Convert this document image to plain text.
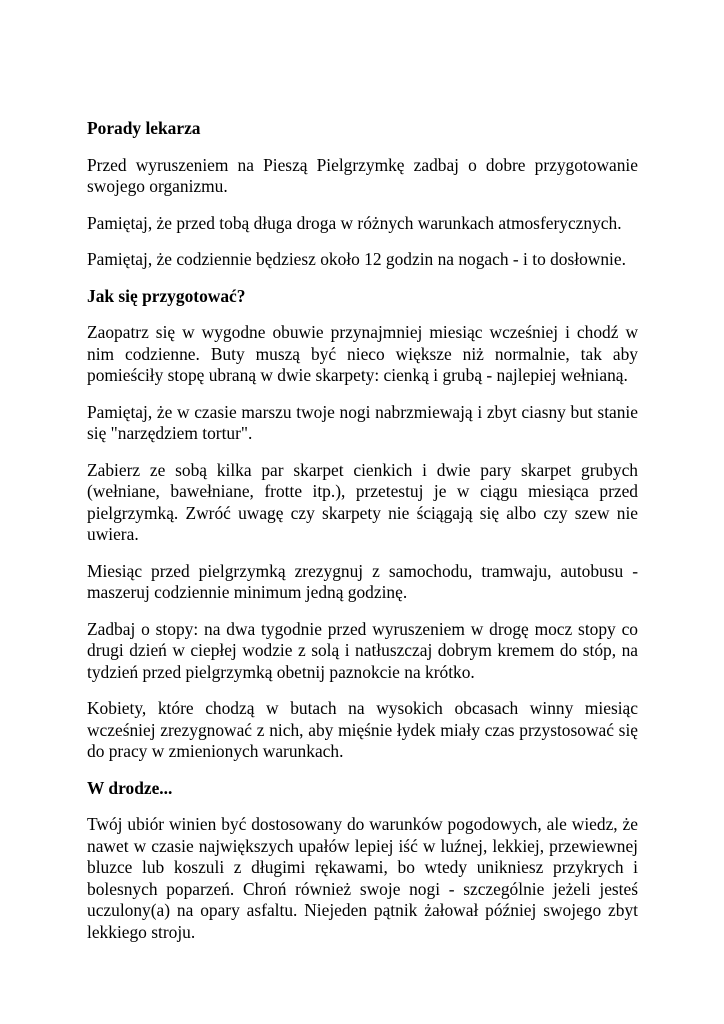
Porady lekarza

Przed wyruszeniem na Pieszą Pielgrzymkę zadbaj o dobre przygotowanie swojego organizmu.

Pamiętaj, że przed tobą długa droga w różnych warunkach atmosferycznych.

Pamiętaj, że codziennie będziesz około 12 godzin na nogach - i to dosłownie.

Jak się przygotować?

Zaopatrz się w wygodne obuwie przynajmniej miesiąc wcześniej i chodź w nim codzienne. Buty muszą być nieco większe niż normalnie, tak aby pomieściły stopę ubraną w dwie skarpety: cienką i grubą - najlepiej wełnianą.

Pamiętaj, że w czasie marszu twoje nogi nabrzmiewają i zbyt ciasny but stanie się "narzędziem tortur".

Zabierz ze sobą kilka par skarpet cienkich i dwie pary skarpet grubych (wełniane, bawełniane, frotte itp.), przetestuj je w ciągu miesiąca przed pielgrzymką. Zwróć uwagę czy skarpety nie ściągają się albo czy szew nie uwiera.

Miesiąc przed pielgrzymką zrezygnuj z samochodu, tramwaju, autobusu - maszeruj codziennie minimum jedną godzinę.

Zadbaj o stopy: na dwa tygodnie przed wyruszeniem w drogę mocz stopy co drugi dzień w ciepłej wodzie z solą i natłuszczaj dobrym kremem do stóp, na tydzień przed pielgrzymką obetnij paznokcie na krótko.

Kobiety, które chodzą w butach na wysokich obcasach winny miesiąc wcześniej zrezygnować z nich, aby mięśnie łydek miały czas przystosować się do pracy w zmienionych warunkach.

W drodze...

Twój ubiór winien być dostosowany do warunków pogodowych, ale wiedz, że nawet w czasie największych upałów lepiej iść w luźnej, lekkiej, przewiewnej bluzce lub koszuli z długimi rękawami, bo wtedy unikniesz przykrych i bolesnych poparzeń. Chroń również swoje nogi - szczególnie jeżeli jesteś uczulony(a) na opary asfaltu. Niejeden pątnik żałował później swojego zbyt lekkiego stroju.
